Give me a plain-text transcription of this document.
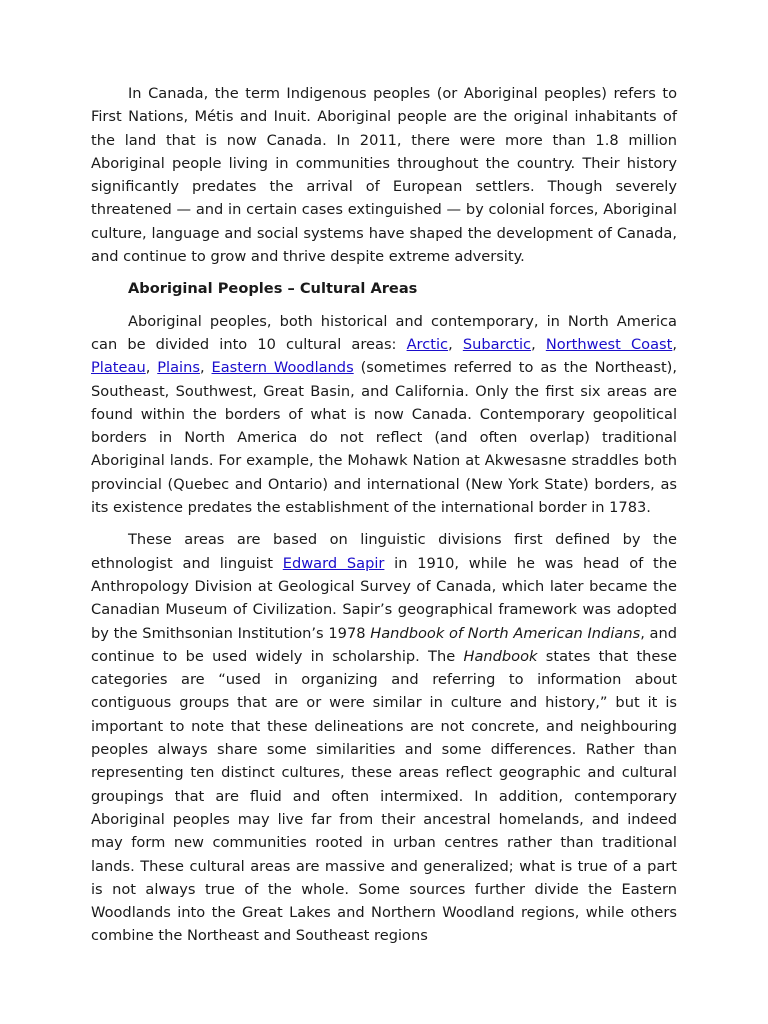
In Canada, the term Indigenous peoples (or Aboriginal peoples) refers to First Nations, Métis and Inuit. Aboriginal people are the original inhabitants of the land that is now Canada. In 2011, there were more than 1.8 million Aboriginal people living in communities throughout the country. Their history significantly predates the arrival of European settlers. Though severely threatened — and in certain cases extinguished — by colonial forces, Aboriginal culture, language and social systems have shaped the development of Canada, and continue to grow and thrive despite extreme adversity.

Aboriginal Peoples – Cultural Areas

Aboriginal peoples, both historical and contemporary, in North America can be divided into 10 cultural areas: Arctic, Subarctic, Northwest Coast, Plateau, Plains, Eastern Woodlands (sometimes referred to as the Northeast), Southeast, Southwest, Great Basin, and California. Only the first six areas are found within the borders of what is now Canada. Contemporary geopolitical borders in North America do not reflect (and often overlap) traditional Aboriginal lands. For example, the Mohawk Nation at Akwesasne straddles both provincial (Quebec and Ontario) and international (New York State) borders, as its existence predates the establishment of the international border in 1783.

These areas are based on linguistic divisions first defined by the ethnologist and linguist Edward Sapir in 1910, while he was head of the Anthropology Division at Geological Survey of Canada, which later became the Canadian Museum of Civilization. Sapir’s geographical framework was adopted by the Smithsonian Institution’s 1978 Handbook of North American Indians, and continue to be used widely in scholarship. The Handbook states that these categories are “used in organizing and referring to information about contiguous groups that are or were similar in culture and history,” but it is important to note that these delineations are not concrete, and neighbouring peoples always share some similarities and some differences. Rather than representing ten distinct cultures, these areas reflect geographic and cultural groupings that are fluid and often intermixed. In addition, contemporary Aboriginal peoples may live far from their ancestral homelands, and indeed may form new communities rooted in urban centres rather than traditional lands. These cultural areas are massive and generalized; what is true of a part is not always true of the whole. Some sources further divide the Eastern Woodlands into the Great Lakes and Northern Woodland regions, while others combine the Northeast and Southeast regions
